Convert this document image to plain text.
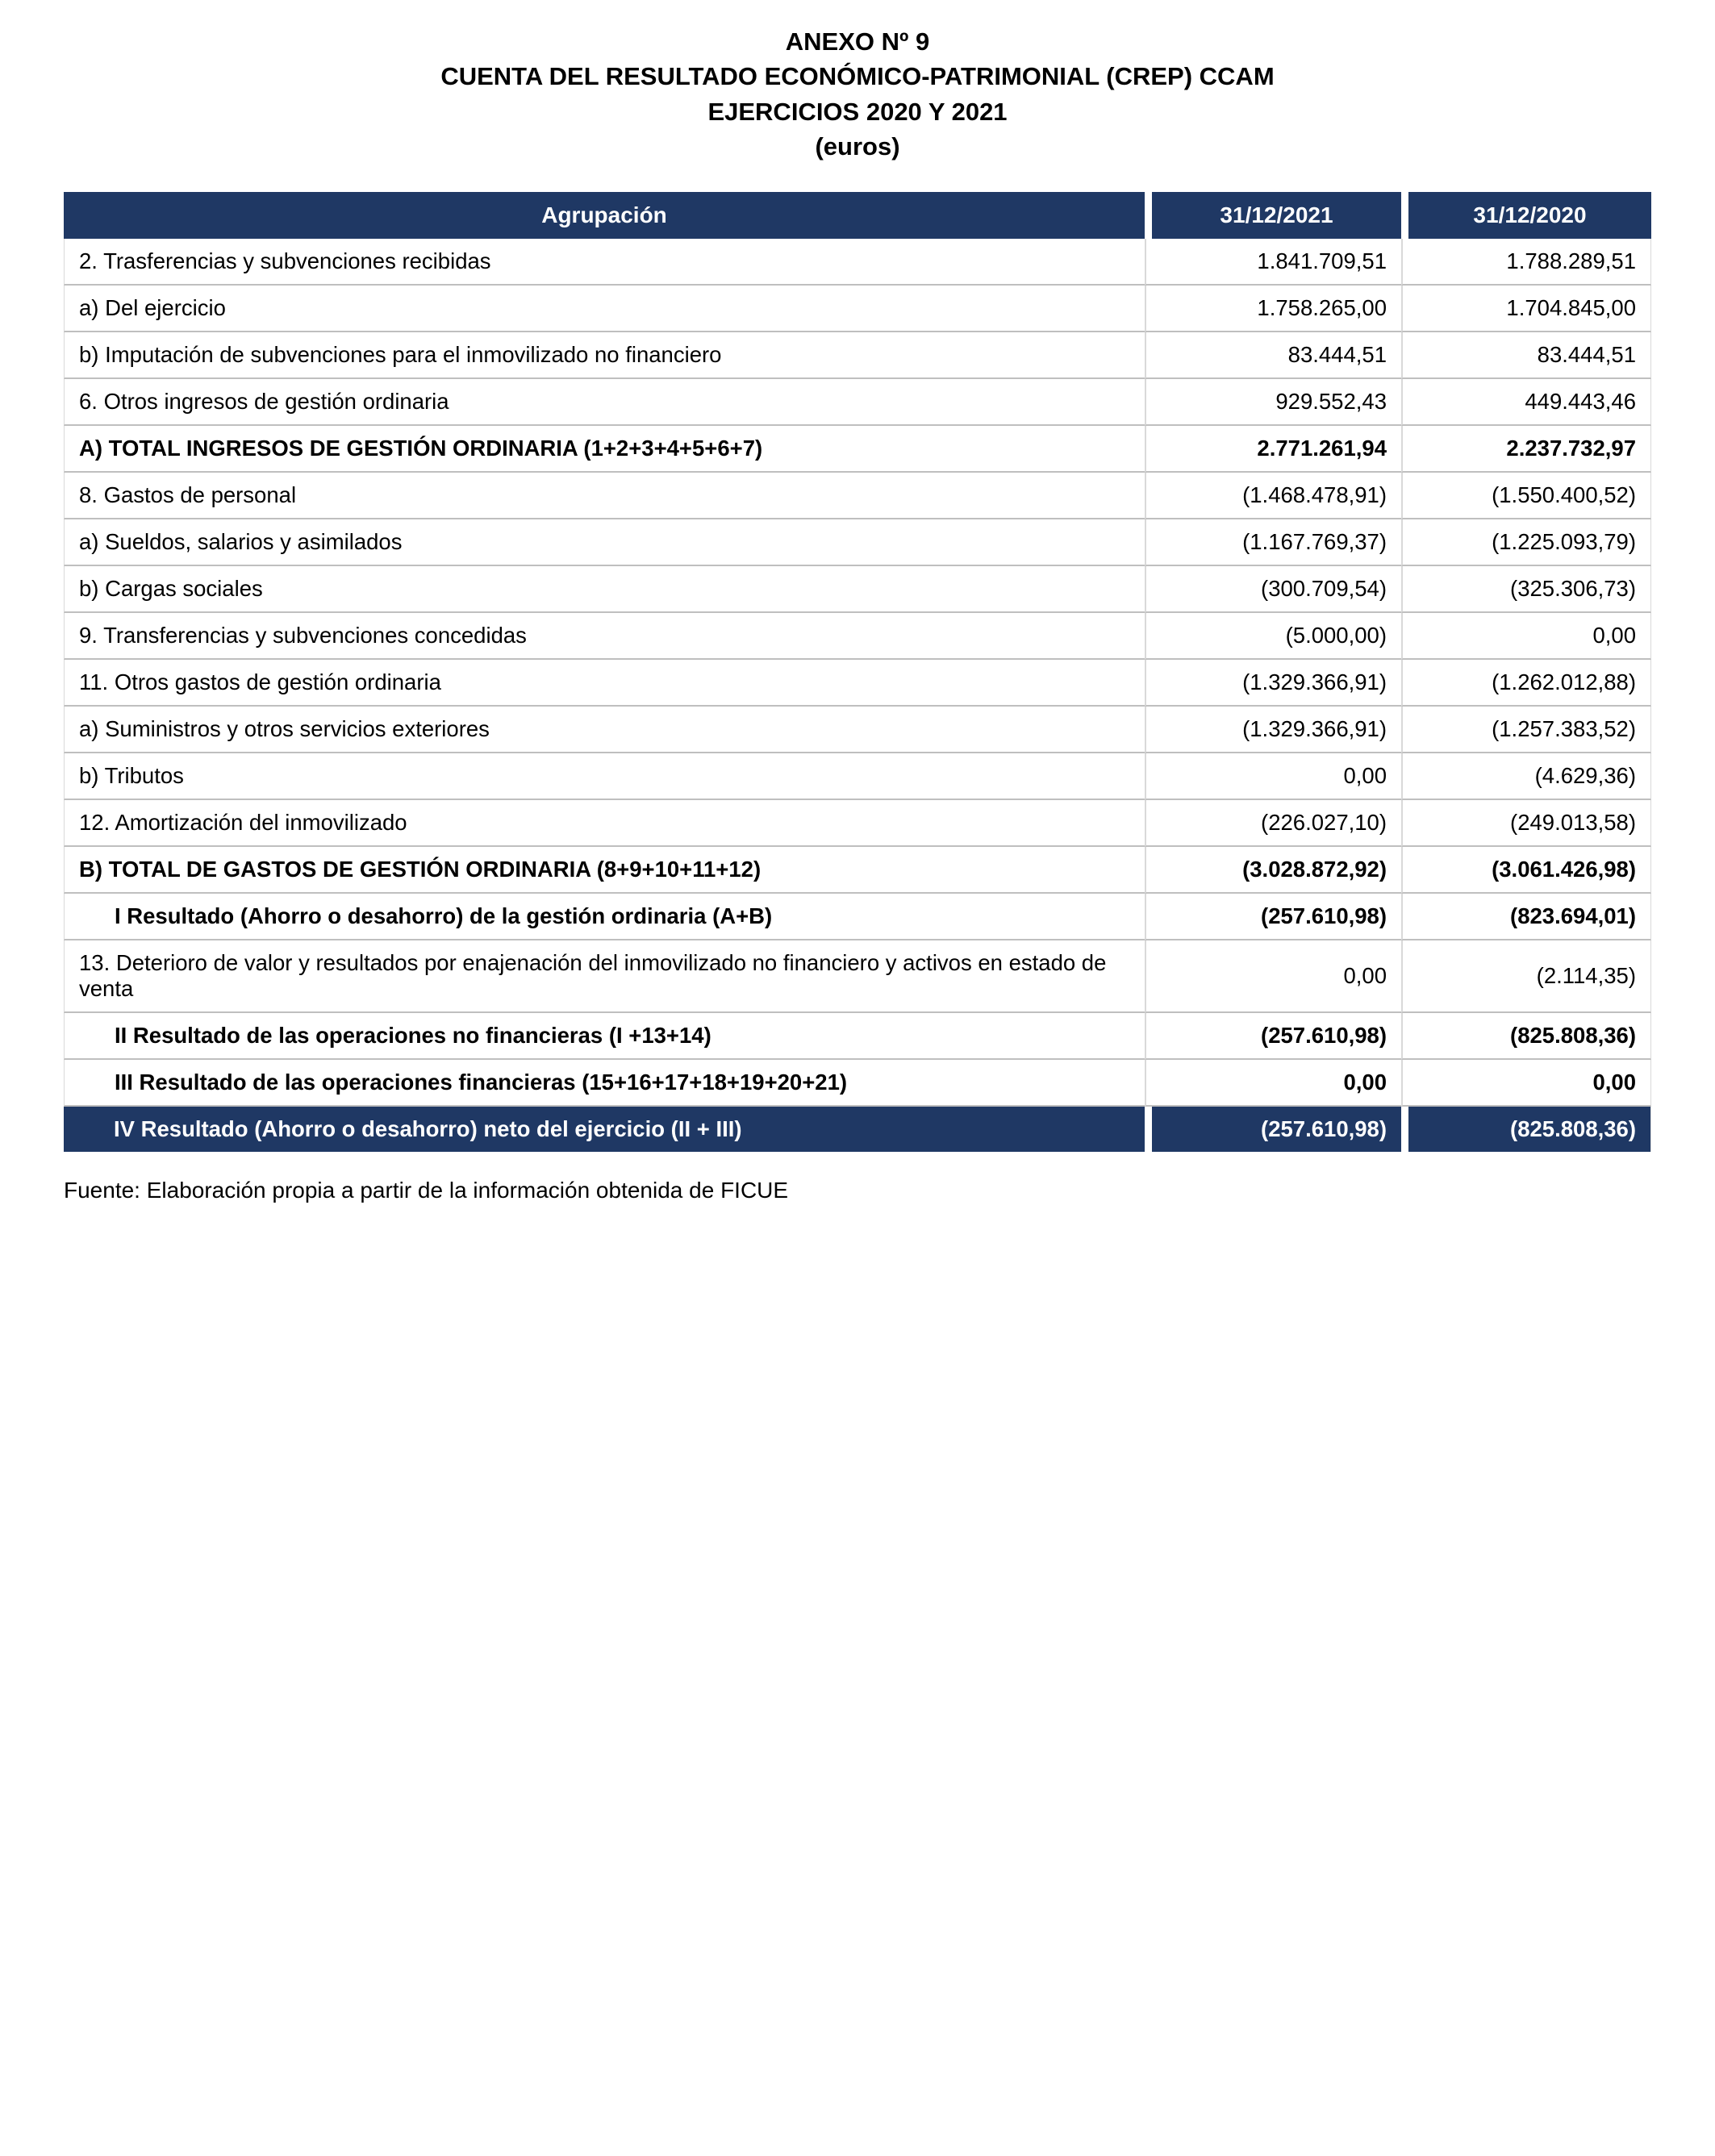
ANEXO Nº 9
CUENTA DEL RESULTADO ECONÓMICO-PATRIMONIAL (CREP) CCAM
EJERCICIOS 2020 Y 2021
(euros)
Agrupación	31/12/2021	31/12/2020
2. Trasferencias y subvenciones recibidas	1.841.709,51	1.788.289,51
a) Del ejercicio	1.758.265,00	1.704.845,00
b) Imputación de subvenciones para el inmovilizado no financiero	83.444,51	83.444,51
6. Otros ingresos de gestión ordinaria	929.552,43	449.443,46
A) TOTAL INGRESOS DE GESTIÓN ORDINARIA (1+2+3+4+5+6+7)	2.771.261,94	2.237.732,97
8. Gastos de personal	(1.468.478,91)	(1.550.400,52)
a) Sueldos, salarios y asimilados	(1.167.769,37)	(1.225.093,79)
b) Cargas sociales	(300.709,54)	(325.306,73)
9. Transferencias y subvenciones concedidas	(5.000,00)	0,00
11. Otros gastos de gestión ordinaria	(1.329.366,91)	(1.262.012,88)
a) Suministros y otros servicios exteriores	(1.329.366,91)	(1.257.383,52)
b) Tributos	0,00	(4.629,36)
12. Amortización del inmovilizado	(226.027,10)	(249.013,58)
B) TOTAL DE GASTOS DE GESTIÓN ORDINARIA (8+9+10+11+12)	(3.028.872,92)	(3.061.426,98)
I Resultado (Ahorro o desahorro) de la gestión ordinaria (A+B)	(257.610,98)	(823.694,01)
13. Deterioro de valor y resultados por enajenación del inmovilizado no financiero y activos en estado de venta	0,00	(2.114,35)
II Resultado de las operaciones no financieras (I +13+14)	(257.610,98)	(825.808,36)
III Resultado de las operaciones financieras (15+16+17+18+19+20+21)	0,00	0,00
IV Resultado (Ahorro o desahorro) neto del ejercicio (II + III)	(257.610,98)	(825.808,36)
Fuente: Elaboración propia a partir de la información obtenida de FICUE
